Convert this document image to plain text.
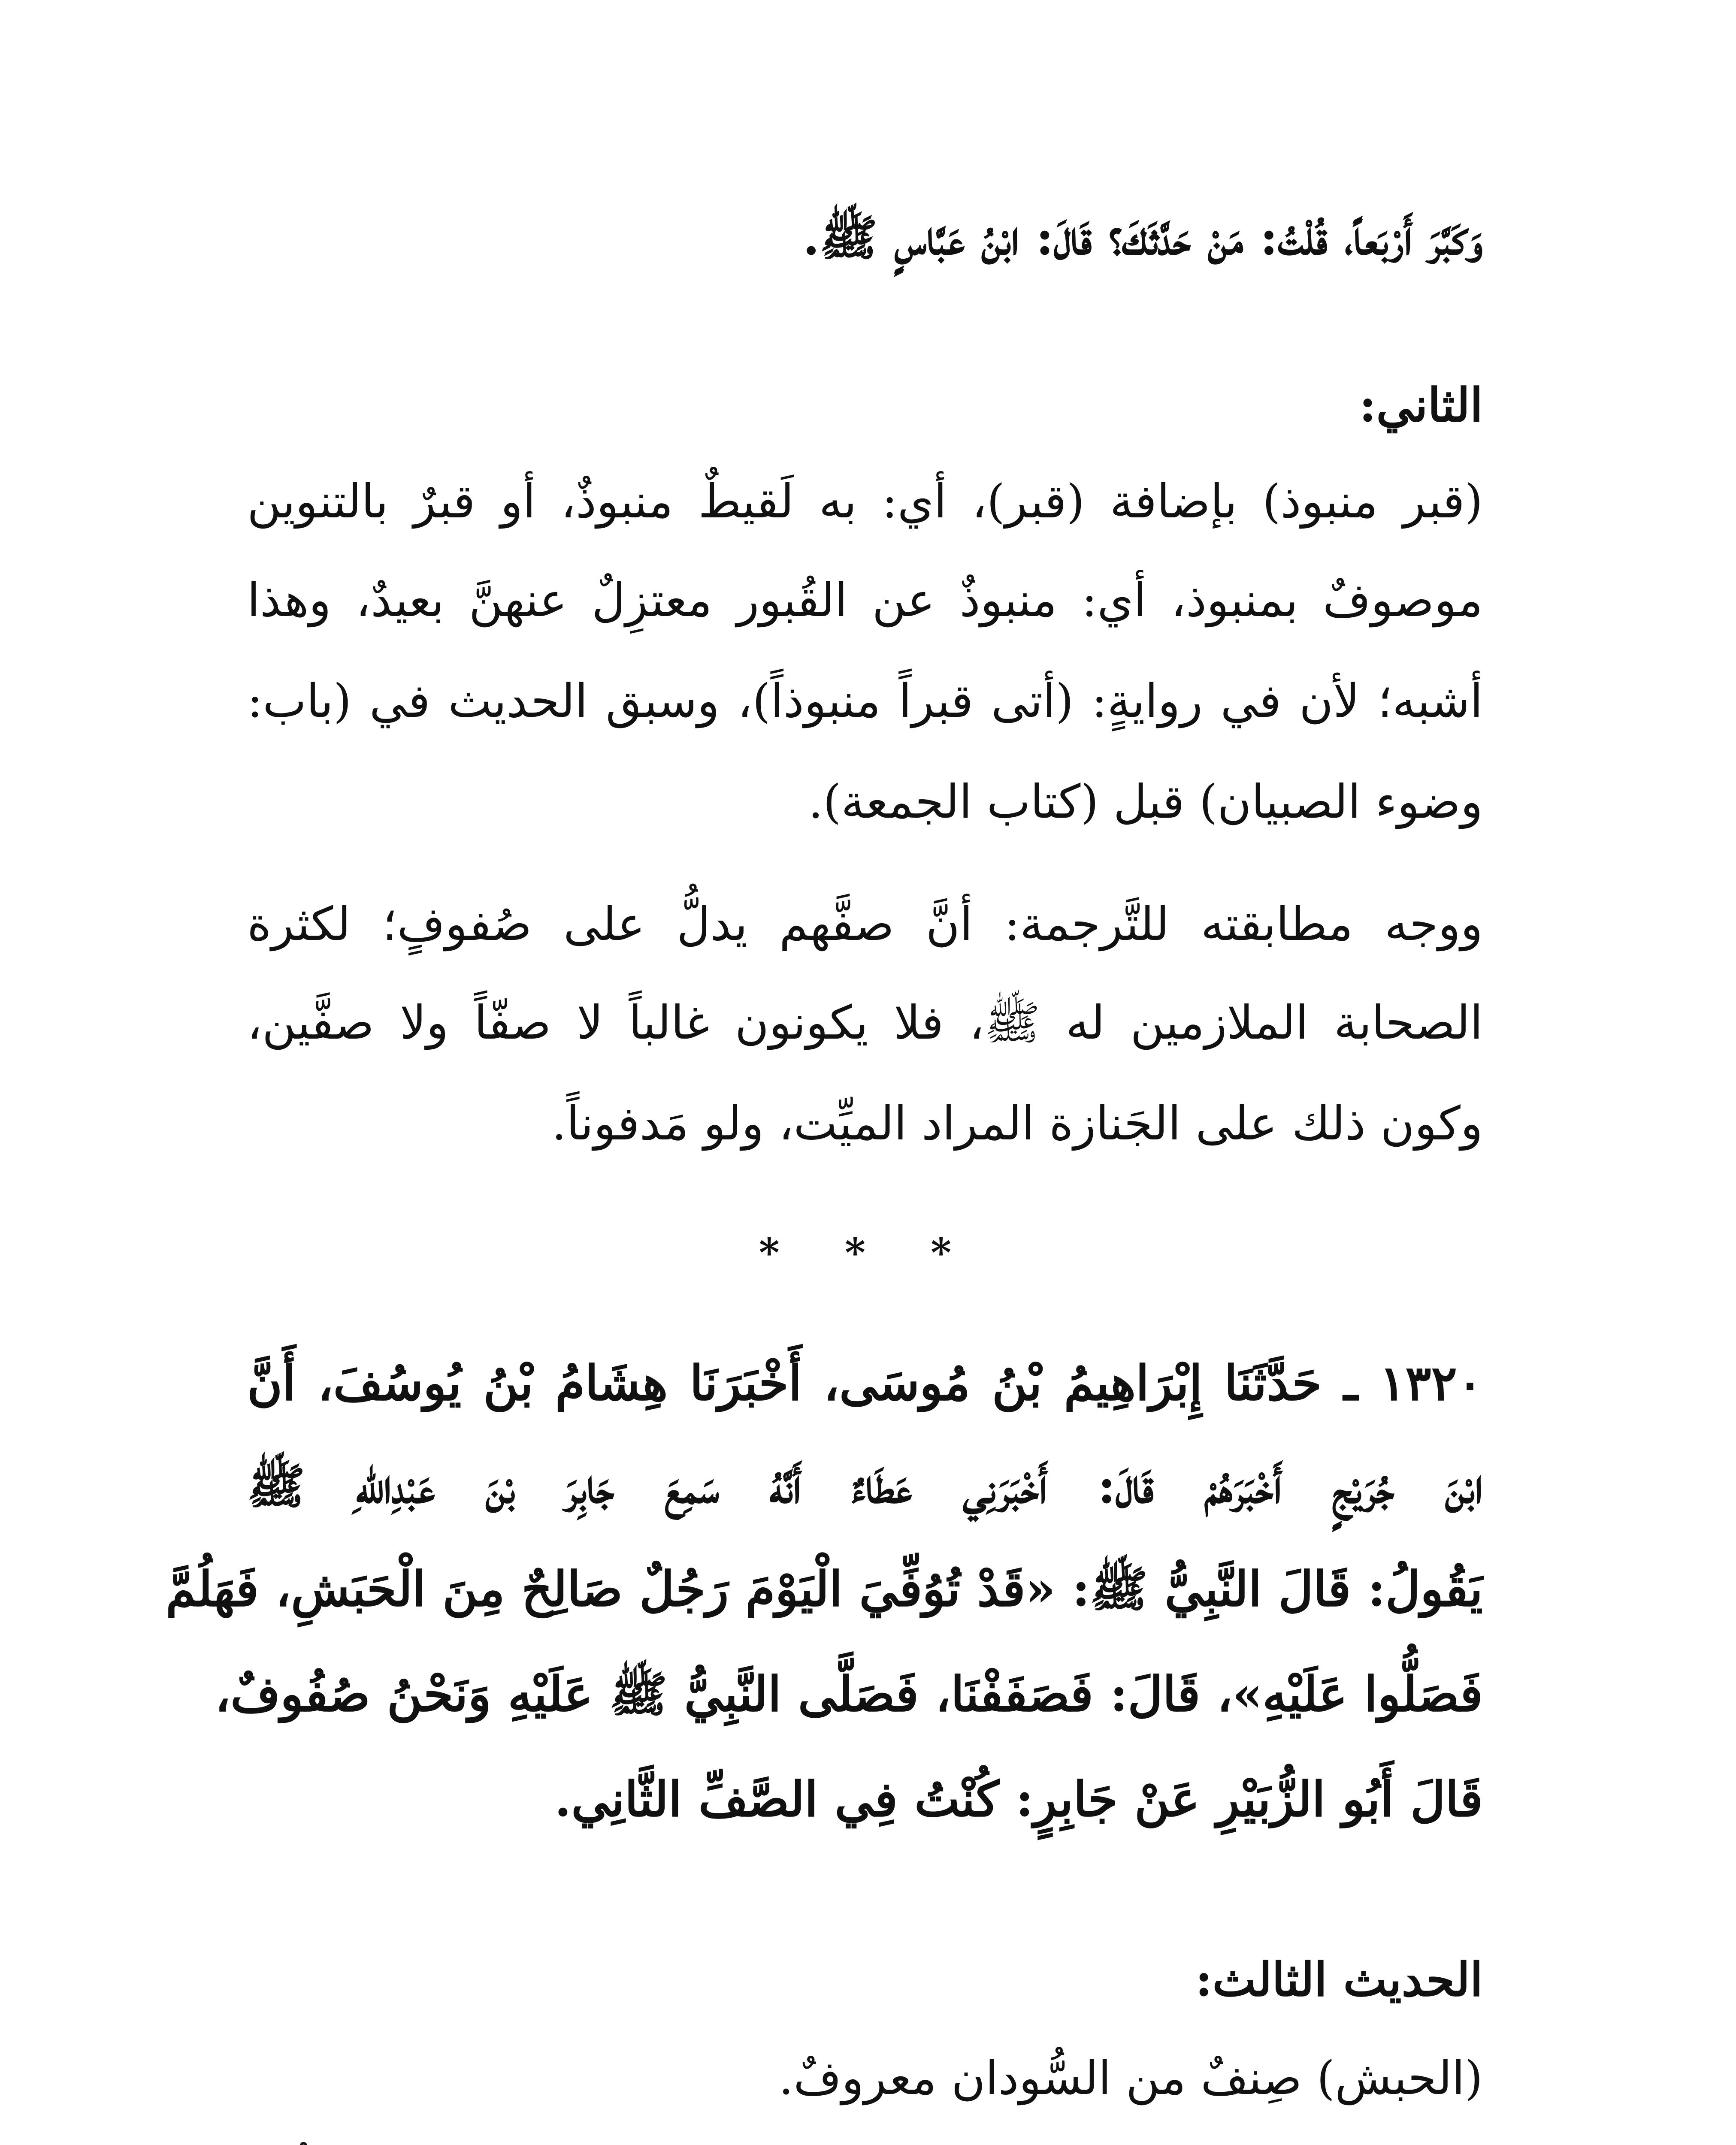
وَكَبَّرَ أَرْبَعاً، قُلْتُ: مَنْ حَدَّثَكَ؟ قَالَ: ابْنُ عَبَّاسٍ ﷺ.

الثاني:

(قبر منبوذ) بإضافة (قبر)، أي: به لَقيطٌ منبوذٌ، أو قبرٌ بالتنوين

موصوفٌ بمنبوذ، أي: منبوذٌ عن القُبور معتزِلٌ عنهنَّ بعيدٌ، وهذا

أشبه؛ لأن في روايةٍ: (أتى قبراً منبوذاً)، وسبق الحديث في (باب:

وضوء الصبيان) قبل (كتاب الجمعة).

ووجه مطابقته للتَّرجمة: أنَّ صفَّهم يدلُّ على صُفوفٍ؛ لكثرة

الصحابة الملازمين له ﷺ، فلا يكونون غالباً لا صفّاً ولا صفَّين،

وكون ذلك على الجَنازة المراد الميِّت، ولو مَدفوناً.

* * *

١٣٢٠ ـ حَدَّثَنَا إِبْرَاهِيمُ بْنُ مُوسَى، أَخْبَرَنَا هِشَامُ بْنُ يُوسُفَ، أَنَّ

ابْنَ جُرَيْجٍ أَخْبَرَهُمْ قَالَ: أَخْبَرَنِي عَطَاءٌ أَنَّهُ سَمِعَ جَابِرَ بْنَ عَبْدِاللهِ ﷺ

يَقُولُ: قَالَ النَّبِيُّ ﷺ: «قَدْ تُوُفِّيَ الْيَوْمَ رَجُلٌ صَالِحٌ مِنَ الْحَبَشِ، فَهَلُمَّ

فَصَلُّوا عَلَيْهِ»، قَالَ: فَصَفَفْنَا، فَصَلَّى النَّبِيُّ ﷺ عَلَيْهِ وَنَحْنُ صُفُوفٌ،

قَالَ أَبُو الزُّبَيْرِ عَنْ جَابِرٍ: كُنْتُ فِي الصَّفِّ الثَّانِي.

الحديث الثالث:

(الحبش) صِنفٌ من السُّودان معروفٌ.
